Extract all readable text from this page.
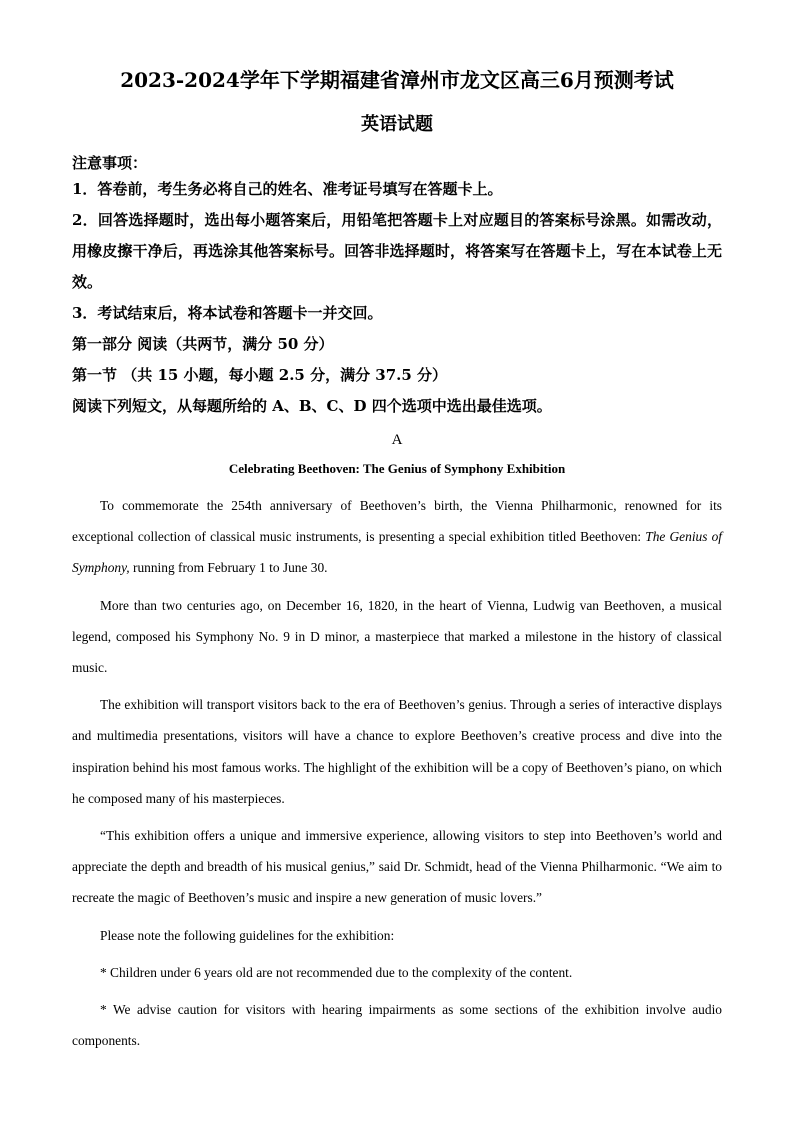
2023-2024学年下学期福建省漳州市龙文区高三6月预测考试
英语试题

注意事项：

1．答卷前，考生务必将自己的姓名、准考证号填写在答题卡上。

2．回答选择题时，选出每小题答案后，用铅笔把答题卡上对应题目的答案标号涂黑。如需改动，用橡皮擦干净后，再选涂其他答案标号。回答非选择题时，将答案写在答题卡上，写在本试卷上无效。

3．考试结束后，将本试卷和答题卡一并交回。

第一部分 阅读（共两节，满分 50 分）

第一节 （共 15 小题，每小题 2.5 分，满分 37.5 分）

阅读下列短文，从每题所给的 A、B、C、D 四个选项中选出最佳选项。

A

Celebrating Beethoven: The Genius of Symphony Exhibition

To commemorate the 254th anniversary of Beethoven’s birth, the Vienna Philharmonic, renowned for its exceptional collection of classical music instruments, is presenting a special exhibition titled Beethoven: The Genius of Symphony, running from February 1 to June 30.

More than two centuries ago, on December 16, 1820, in the heart of Vienna, Ludwig van Beethoven, a musical legend, composed his Symphony No. 9 in D minor, a masterpiece that marked a milestone in the history of classical music.

The exhibition will transport visitors back to the era of Beethoven’s genius. Through a series of interactive displays and multimedia presentations, visitors will have a chance to explore Beethoven’s creative process and dive into the inspiration behind his most famous works. The highlight of the exhibition will be a copy of Beethoven’s piano, on which he composed many of his masterpieces.

“This exhibition offers a unique and immersive experience, allowing visitors to step into Beethoven’s world and appreciate the depth and breadth of his musical genius,” said Dr. Schmidt, head of the Vienna Philharmonic. “We aim to recreate the magic of Beethoven’s music and inspire a new generation of music lovers.”

Please note the following guidelines for the exhibition:

* Children under 6 years old are not recommended due to the complexity of the content.

* We advise caution for visitors with hearing impairments as some sections of the exhibition involve audio components.
